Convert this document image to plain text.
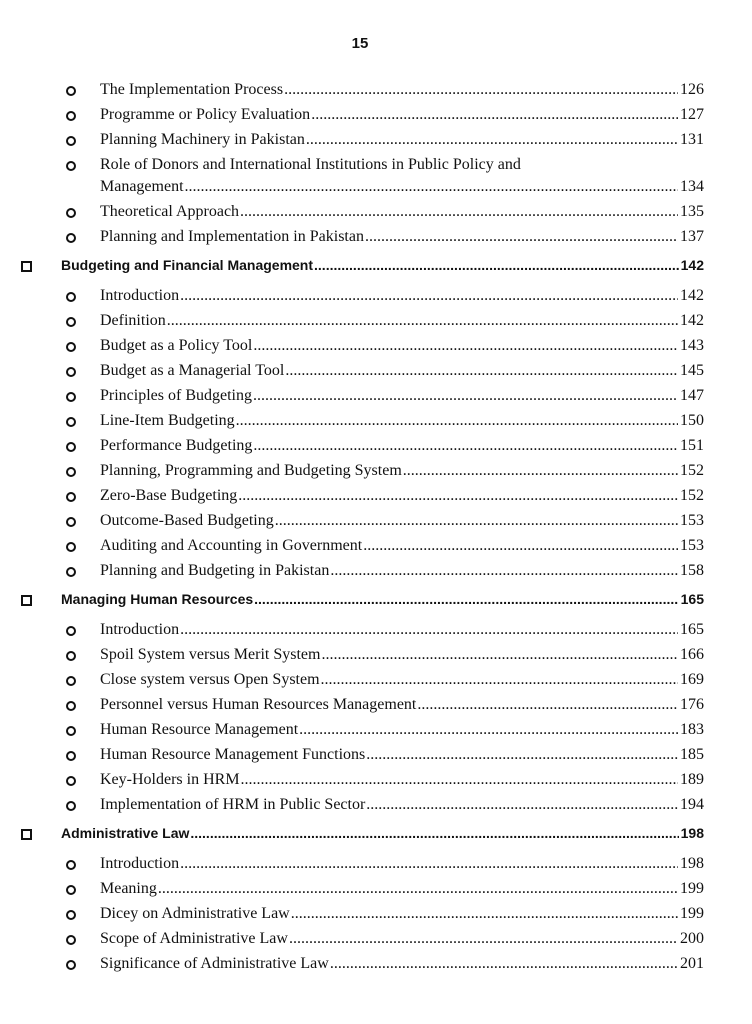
15
The Implementation Process .....	126
Programme or Policy Evaluation .....	127
Planning Machinery in Pakistan .....	131
Role of Donors and International Institutions in Public Policy and
Management .....	134
Theoretical Approach .....	135
Planning and Implementation in Pakistan .....	137
Budgeting and Financial Management .....	142
Introduction .....	142
Definition .....	142
Budget as a Policy Tool .....	143
Budget as a Managerial Tool .....	145
Principles of Budgeting .....	147
Line-Item Budgeting .....	150
Performance Budgeting .....	151
Planning, Programming and Budgeting System .....	152
Zero-Base Budgeting .....	152
Outcome-Based Budgeting .....	153
Auditing and Accounting in Government .....	153
Planning and Budgeting in Pakistan .....	158
Managing Human Resources .....	165
Introduction .....	165
Spoil System versus Merit System .....	166
Close system versus Open System .....	169
Personnel versus Human Resources Management .....	176
Human Resource Management .....	183
Human Resource Management Functions .....	185
Key-Holders in HRM .....	189
Implementation of HRM in Public Sector .....	194
Administrative Law .....	198
Introduction .....	198
Meaning .....	199
Dicey on Administrative Law .....	199
Scope of Administrative Law .....	200
Significance of Administrative Law .....	201
